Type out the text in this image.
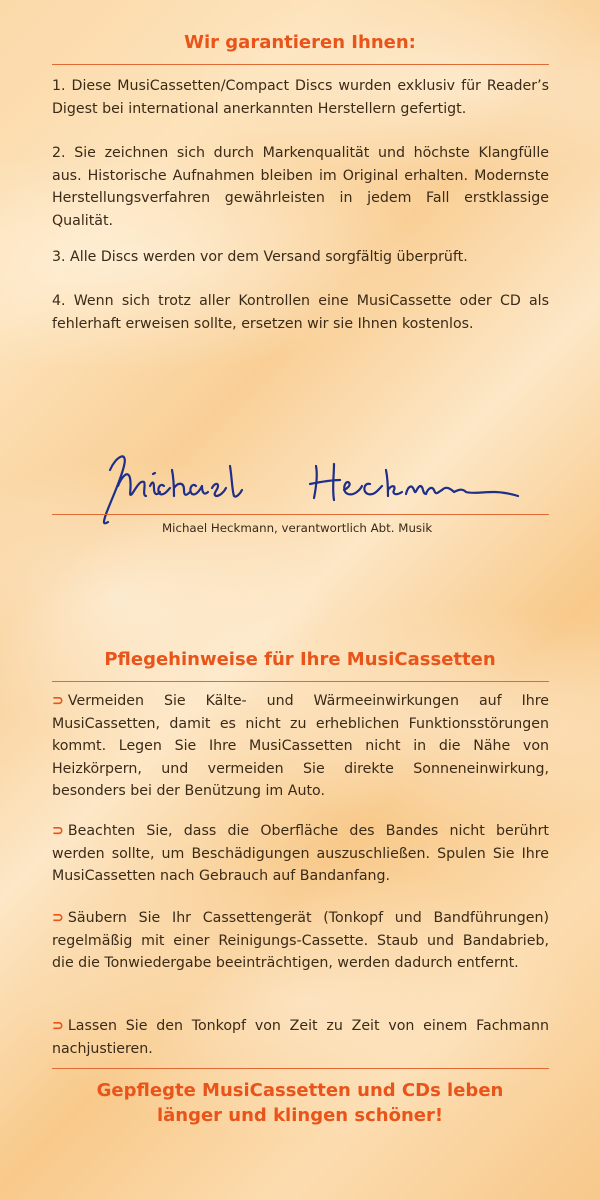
Wir garantieren Ihnen:

1. Diese MusiCassetten/Compact Discs wurden exklusiv für Reader’s Digest bei international anerkannten Herstellern gefertigt.

2. Sie zeichnen sich durch Markenqualität und höchste Klangfülle aus. Historische Aufnahmen bleiben im Original erhalten. Modernste Herstellungsverfahren gewährleisten in jedem Fall erstklassige Qualität.

3. Alle Discs werden vor dem Versand sorgfältig überprüft.

4. Wenn sich trotz aller Kontrollen eine MusiCassette oder CD als fehlerhaft erweisen sollte, ersetzen wir sie Ihnen kostenlos.

Michael Heckmann, verantwortlich Abt. Musik

Pflegehinweise für Ihre MusiCassetten

⊃ Vermeiden Sie Kälte- und Wärmeeinwirkungen auf Ihre MusiCassetten, damit es nicht zu erheblichen Funktionsstörungen kommt. Legen Sie Ihre MusiCassetten nicht in die Nähe von Heizkörpern, und vermeiden Sie direkte Sonneneinwirkung, besonders bei der Benützung im Auto.

⊃ Beachten Sie, dass die Oberfläche des Bandes nicht berührt werden sollte, um Beschädigungen auszuschließen. Spulen Sie Ihre MusiCassetten nach Gebrauch auf Bandanfang.

⊃ Säubern Sie Ihr Cassettengerät (Tonkopf und Bandführungen) regelmäßig mit einer Reinigungs-Cassette. Staub und Bandabrieb, die die Tonwiedergabe beeinträchtigen, werden dadurch entfernt.

⊃ Lassen Sie den Tonkopf von Zeit zu Zeit von einem Fachmann nachjustieren.

Gepflegte MusiCassetten und CDs leben
länger und klingen schöner!
